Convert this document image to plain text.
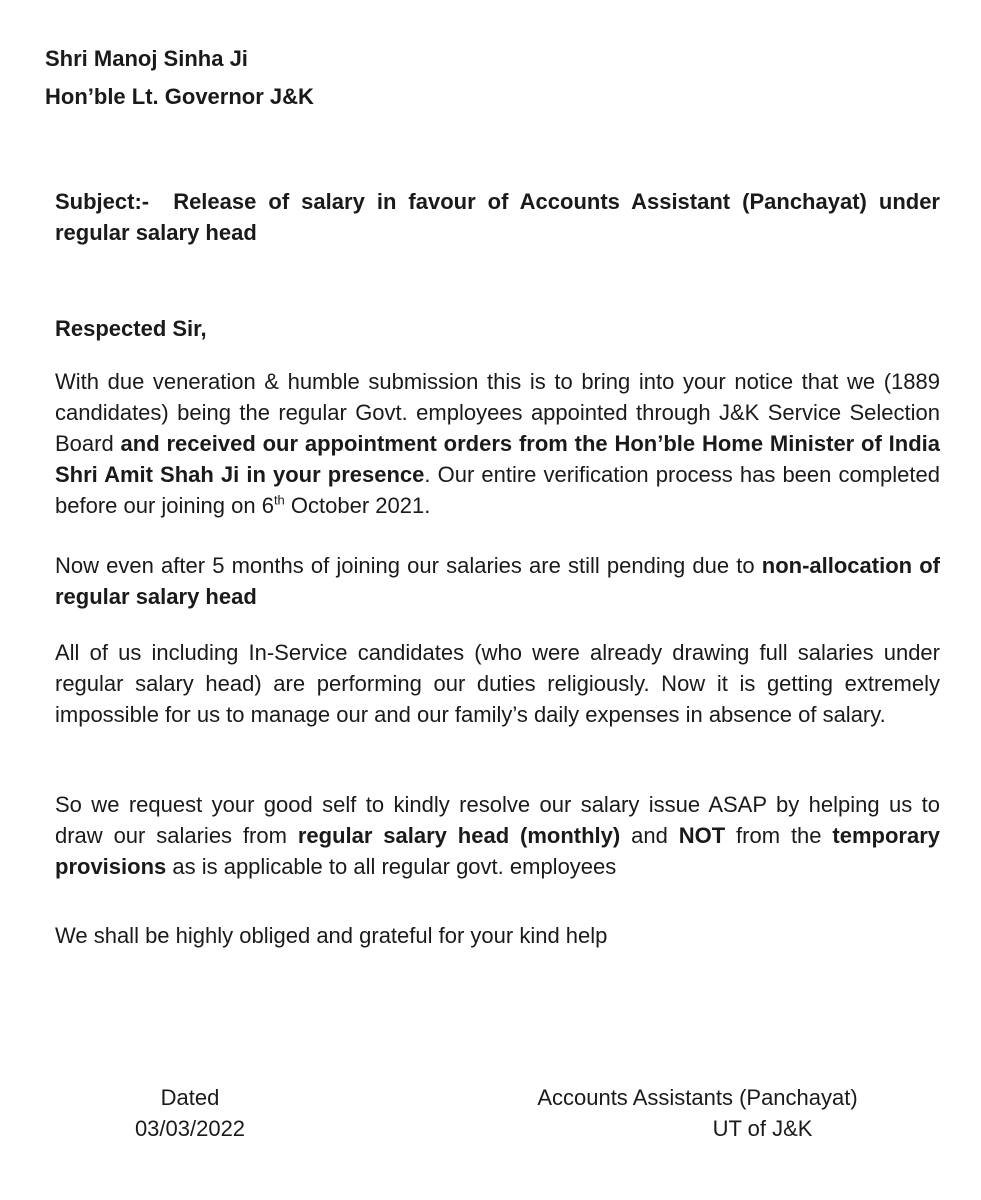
Shri Manoj Sinha Ji
Hon’ble Lt. Governor J&K

Subject:- Release of salary in favour of Accounts Assistant (Panchayat) under regular salary head

Respected Sir,

With due veneration & humble submission this is to bring into your notice that we (1889 candidates) being the regular Govt. employees appointed through J&K Service Selection Board and received our appointment orders from the Hon’ble Home Minister of India Shri Amit Shah Ji in your presence. Our entire verification process has been completed before our joining on 6th October 2021.

Now even after 5 months of joining our salaries are still pending due to non-allocation of regular salary head

All of us including In-Service candidates (who were already drawing full salaries under regular salary head) are performing our duties religiously. Now it is getting extremely impossible for us to manage our and our family’s daily expenses in absence of salary.

So we request your good self to kindly resolve our salary issue ASAP by helping us to draw our salaries from regular salary head (monthly) and NOT from the temporary provisions as is applicable to all regular govt. employees

We shall be highly obliged and grateful for your kind help

Dated
03/03/2022
Accounts Assistants (Panchayat)
UT of J&K
